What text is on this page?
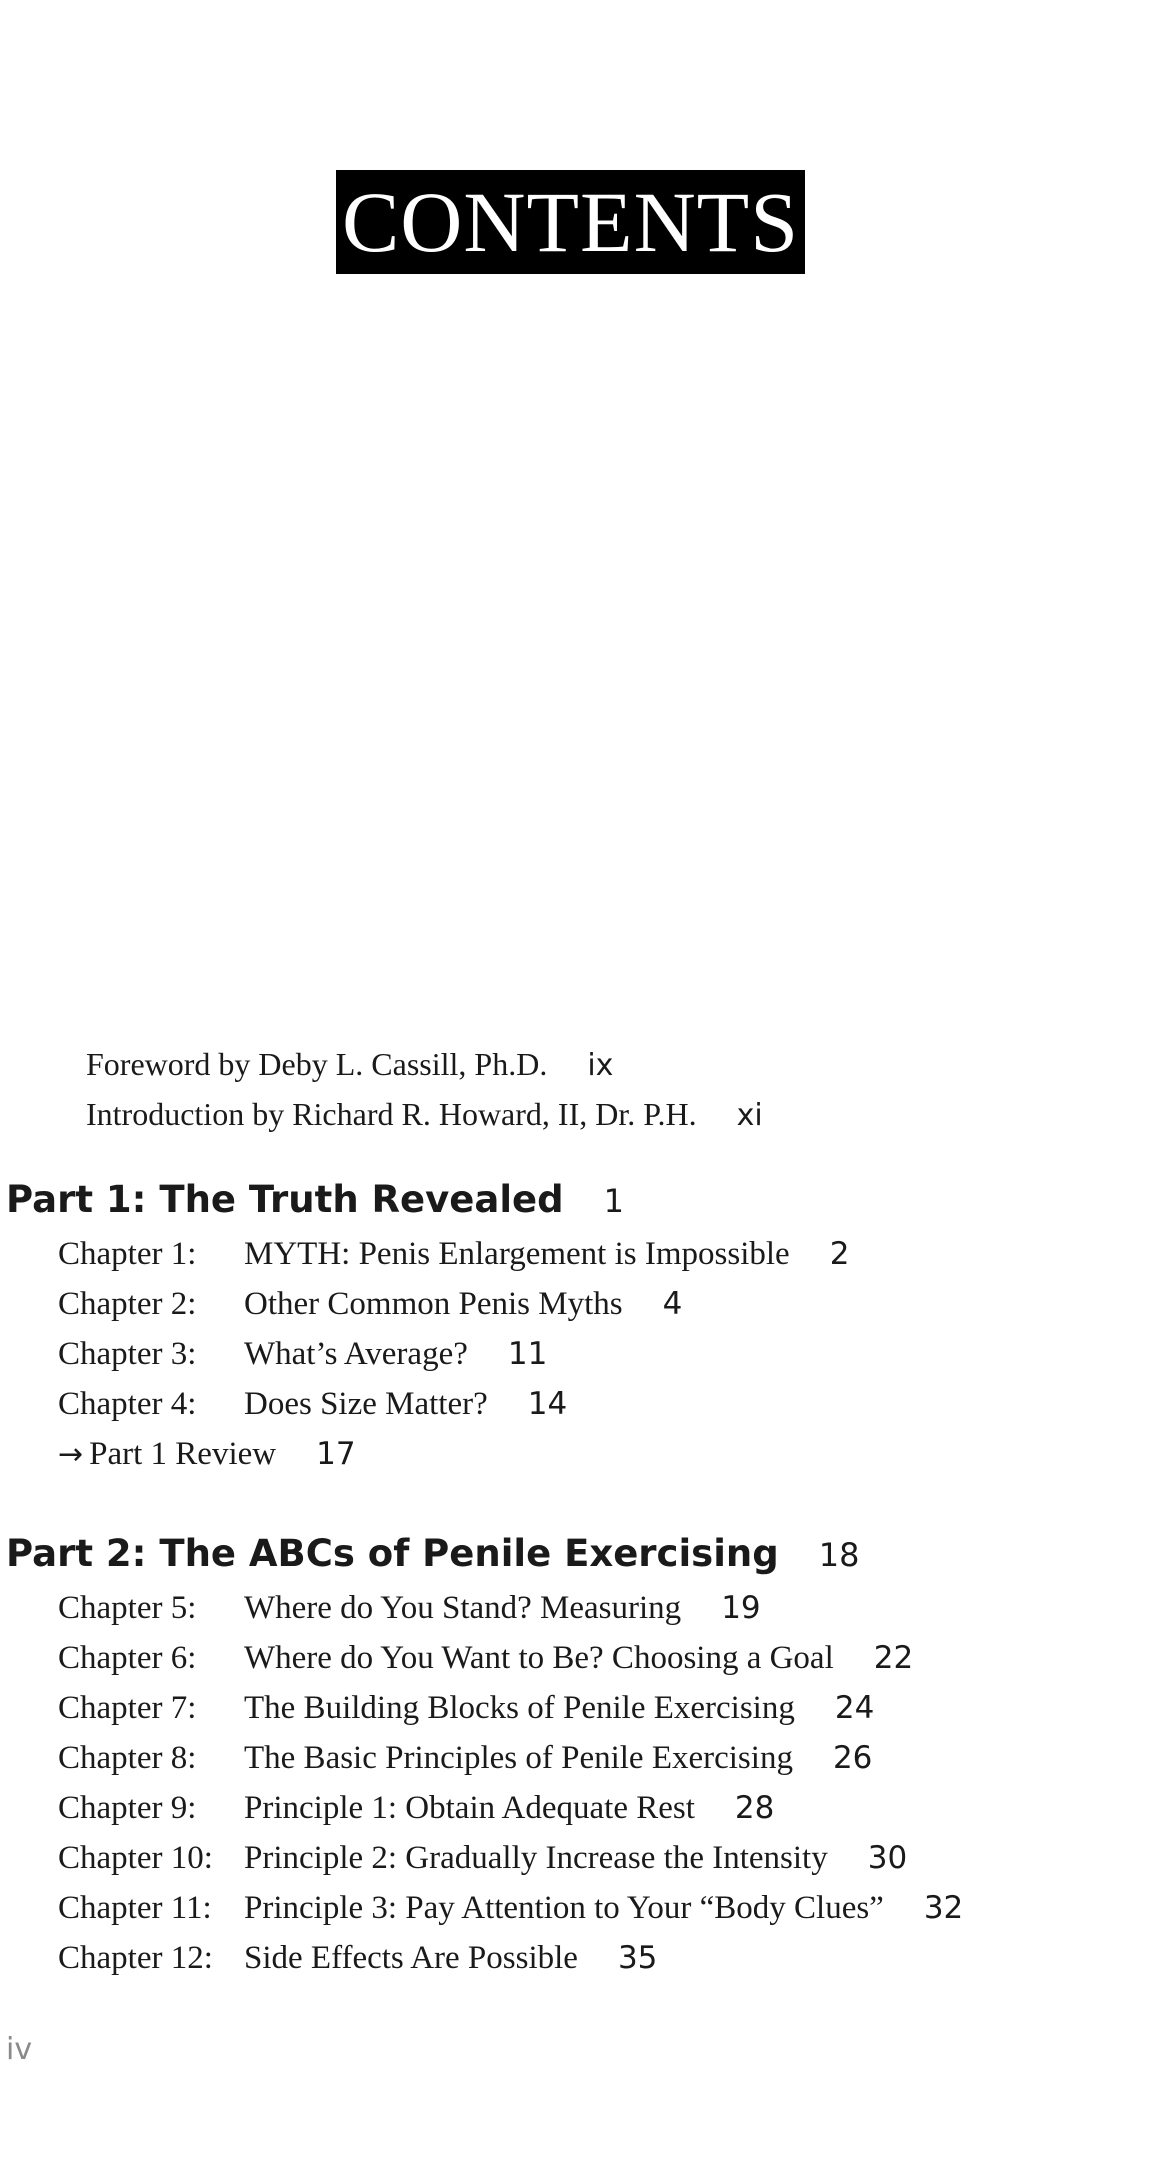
CONTENTS
Foreword by Deby L. Cassill, Ph.D. ix
Introduction by Richard R. Howard, II, Dr. P.H. xi
Part 1: The Truth Revealed 1
Chapter 1: MYTH: Penis Enlargement is Impossible 2
Chapter 2: Other Common Penis Myths 4
Chapter 3: What’s Average? 11
Chapter 4: Does Size Matter? 14
→ Part 1 Review 17
Part 2: The ABCs of Penile Exercising 18
Chapter 5: Where do You Stand? Measuring 19
Chapter 6: Where do You Want to Be? Choosing a Goal 22
Chapter 7: The Building Blocks of Penile Exercising 24
Chapter 8: The Basic Principles of Penile Exercising 26
Chapter 9: Principle 1: Obtain Adequate Rest 28
Chapter 10: Principle 2: Gradually Increase the Intensity 30
Chapter 11: Principle 3: Pay Attention to Your “Body Clues” 32
Chapter 12: Side Effects Are Possible 35
iv
